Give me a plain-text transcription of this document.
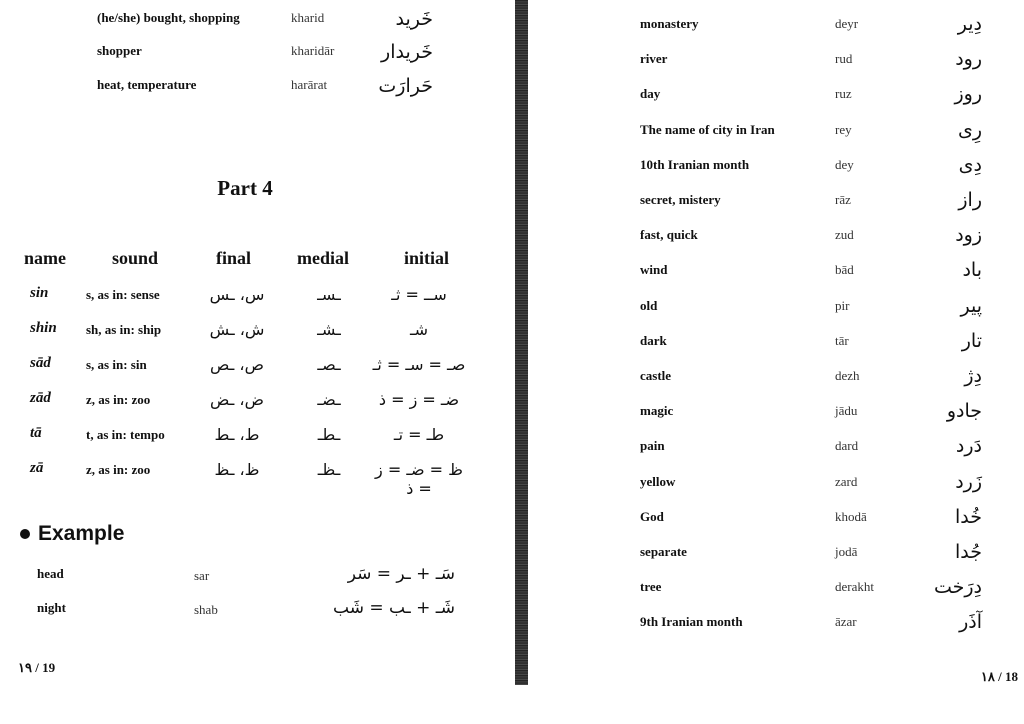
(he/she) bought, shopping	kharid	خَرید
shopper	kharidār خَریدار
heat, temperature	harārat	حَرارَت
Part 4
name	sound	final	medial	initial
sin	s, as in: sense	س، ـس	ـسـ	ســ = ثـ
shin sh, as in: ship	ش، ـش	ـشـ	شـ
sād	s, as in: sin	ص، ـص	ـصـ	صـ = سـ = ثـ
zād	z, as in: zoo	ض، ـض	ـضـ	ضـ = ز = ذ
tā	t, as in: tempo	ط، ـط	ـطـ	طـ = تـ
zā	z, as in: zoo	ظ، ـظ	ـظـ	ظ = ضـ = ز = ذ
Example
head	sar	سَـ + ـر = سَر
night	shab	شَـ + ـب = شَب
۱۹ / 19
monastery	deyr	دِیر
river	rud	رود
day	ruz	روز
The name of city in Iran	rey	رِی
10th Iranian month	dey	دِی
secret, mistery	rāz	راز
fast, quick	zud	زود
wind	bād	باد
old	pir	پیر
dark	tār	تار
castle	dezh	دِژ
magic	jādu	جادو
pain	dard	دَرد
yellow	zard	زَرد
God	khodā	خُدا
separate	jodā	جُدا
tree	derakht	دِرَخت
9th Iranian month	āzar	آذَر
۱۸ / 18
